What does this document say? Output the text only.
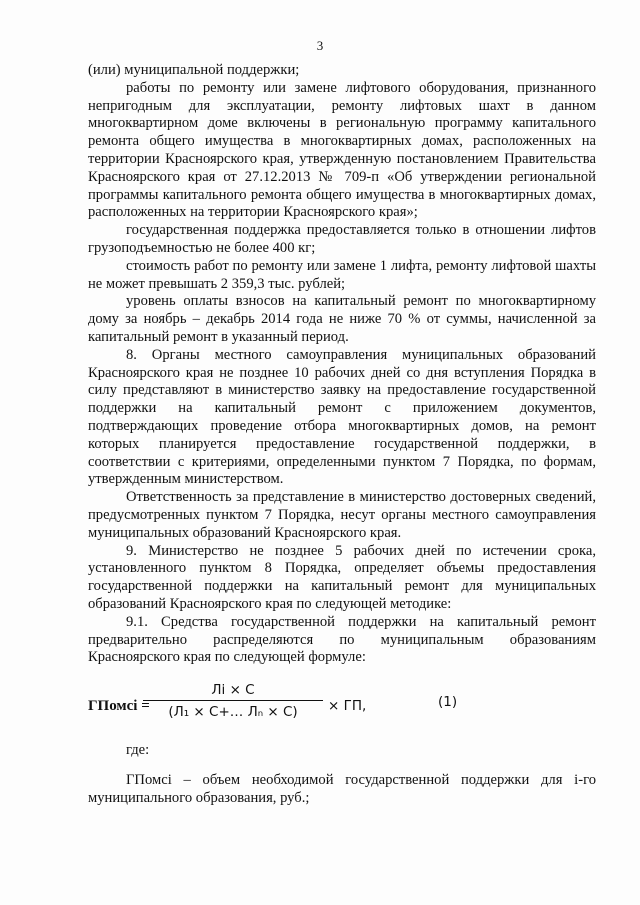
3

(или) муниципальной поддержки;

работы по ремонту или замене лифтового оборудования, признанного непригодным для эксплуатации, ремонту лифтовых шахт в данном многоквартирном доме включены в региональную программу капитального ремонта общего имущества в многоквартирных домах, расположенных на территории Красноярского края, утвержденную постановлением Правительства Красноярского края от 27.12.2013 № 709-п «Об утверждении региональной программы капитального ремонта общего имущества в многоквартирных домах, расположенных на территории Красноярского края»;

государственная поддержка предоставляется только в отношении лифтов грузоподъемностью не более 400 кг;

стоимость работ по ремонту или замене 1 лифта, ремонту лифтовой шахты не может превышать 2 359,3 тыс. рублей;

уровень оплаты взносов на капитальный ремонт по многоквартирному дому за ноябрь – декабрь 2014 года не ниже 70 % от суммы, начисленной за капитальный ремонт в указанный период.

8. Органы местного самоуправления муниципальных образований Красноярского края не позднее 10 рабочих дней со дня вступления Порядка в силу представляют в министерство заявку на предоставление государственной поддержки на капитальный ремонт с приложением документов, подтверждающих проведение отбора многоквартирных домов, на ремонт которых планируется предоставление государственной поддержки, в соответствии с критериями, определенными пунктом 7 Порядка, по формам, утвержденным министерством.

Ответственность за представление в министерство достоверных сведений, предусмотренных пунктом 7 Порядка, несут органы местного самоуправления муниципальных образований Красноярского края.

9. Министерство не позднее 5 рабочих дней по истечении срока, установленного пунктом 8 Порядка, определяет объемы предоставления государственной поддержки на капитальный ремонт для муниципальных образований Красноярского края по следующей методике:

9.1. Средства государственной поддержки на капитальный ремонт предварительно распределяются по муниципальным образованиям Красноярского края по следующей формуле:

ГПомсi =
Лi × С
(Л₁ × С+… Лₙ × С)	× ГП,	(1)
где:

ГПомсi – объем необходимой государственной поддержки для i-го муниципального образования, руб.;
